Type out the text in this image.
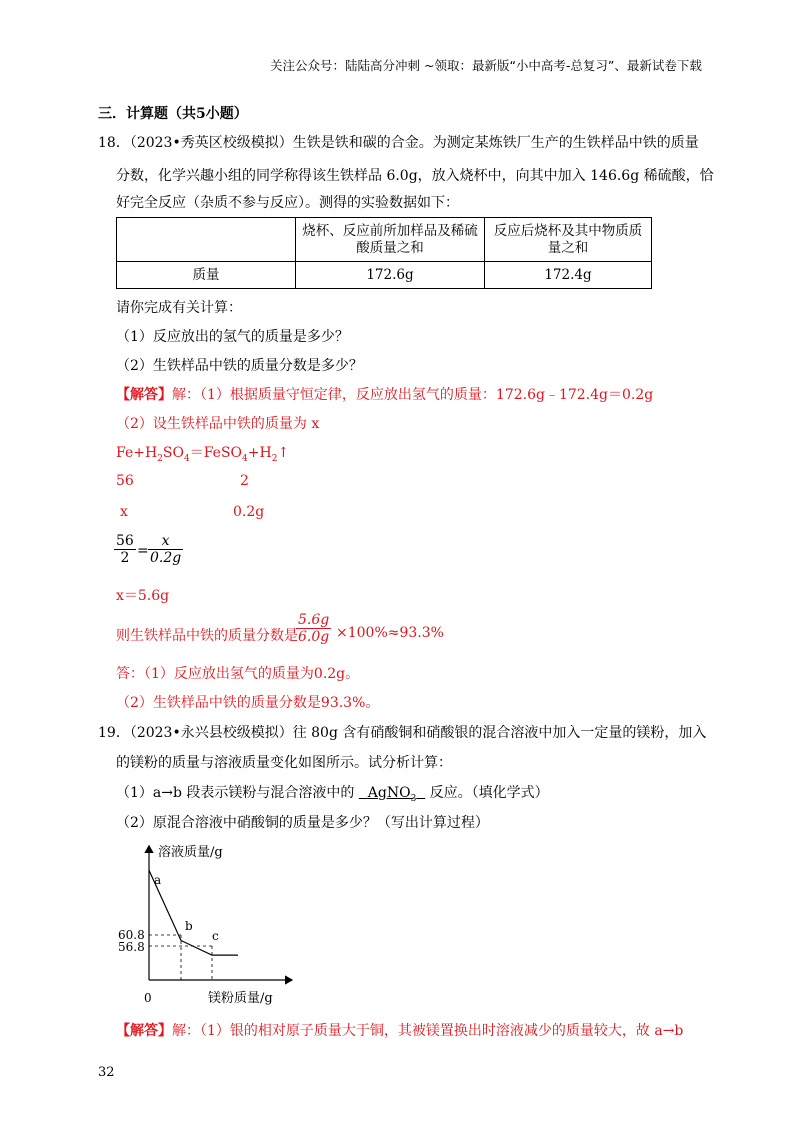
关注公众号：陆陆高分冲刺 ~领取：最新版“小中高考-总复习”、最新试卷下载
三．计算题（共5小题）
18．（2023•秀英区校级模拟）生铁是铁和碳的合金。为测定某炼铁厂生产的生铁样品中铁的质量
分数，化学兴趣小组的同学称得该生铁样品 6.0g，放入烧杯中，向其中加入 146.6g 稀硫酸，恰
好完全反应（杂质不参与反应）。测得的实验数据如下：
	烧杯、反应前所加样品及稀硫酸质量之和	反应后烧杯及其中物质质量之和
质量	172.6g	172.4g
请你完成有关计算：
（1）反应放出的氢气的质量是多少？
（2）生铁样品中铁的质量分数是多少？
【解答】解：（1）根据质量守恒定律，反应放出氢气的质量：172.6g﹣172.4g＝0.2g
（2）设生铁样品中铁的质量为 x
$Fe+H_2SO_4=FeSO_4+H_2↑$
56	2
x	0.2g
$\frac{56}{2} = \frac{x}{0.2g}$
x＝5.6g
则生铁样品中铁的质量分数是
$\frac{5.6g}{6.0g} \times 100\%\approx 93.3\%$
答：（1）反应放出氢气的质量为0.2g。
（2）生铁样品中铁的质量分数是93.3%。
19．（2023•永兴县校级模拟）往 80g 含有硝酸铜和硝酸银的混合溶液中加入一定量的镁粉，加入
的镁粉的质量与溶液质量变化如图所示。试分析计算：
（1）a→b 段表示镁粉与混合溶液中的 AgNO$_3$ 反应。（填化学式）
（2）原混合溶液中硝酸铜的质量是多少？（写出计算过程）
溶液质量/g
镁粉质量/g
0
60.8
56.8
a
b
c
【解答】解：（1）银的相对原子质量大于铜，其被镁置换出时溶液减少的质量较大，故 a→b
32
